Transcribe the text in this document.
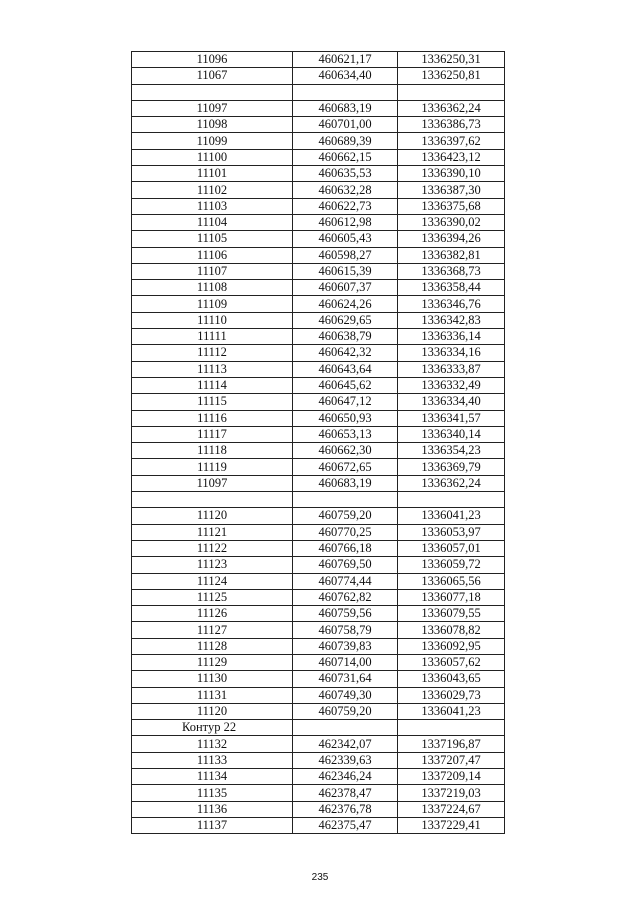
11096	460621,17	1336250,31
11067	460634,40	1336250,81

11097	460683,19	1336362,24
11098	460701,00	1336386,73
11099	460689,39	1336397,62
11100	460662,15	1336423,12
11101	460635,53	1336390,10
11102	460632,28	1336387,30
11103	460622,73	1336375,68
11104	460612,98	1336390,02
11105	460605,43	1336394,26
11106	460598,27	1336382,81
11107	460615,39	1336368,73
11108	460607,37	1336358,44
11109	460624,26	1336346,76
11110	460629,65	1336342,83
11111	460638,79	1336336,14
11112	460642,32	1336334,16
11113	460643,64	1336333,87
11114	460645,62	1336332,49
11115	460647,12	1336334,40
11116	460650,93	1336341,57
11117	460653,13	1336340,14
11118	460662,30	1336354,23
11119	460672,65	1336369,79
11097	460683,19	1336362,24

11120	460759,20	1336041,23
11121	460770,25	1336053,97
11122	460766,18	1336057,01
11123	460769,50	1336059,72
11124	460774,44	1336065,56
11125	460762,82	1336077,18
11126	460759,56	1336079,55
11127	460758,79	1336078,82
11128	460739,83	1336092,95
11129	460714,00	1336057,62
11130	460731,64	1336043,65
11131	460749,30	1336029,73
11120	460759,20	1336041,23
Контур 22		
11132	462342,07	1337196,87
11133	462339,63	1337207,47
11134	462346,24	1337209,14
11135	462378,47	1337219,03
11136	462376,78	1337224,67
11137	462375,47	1337229,41
235
